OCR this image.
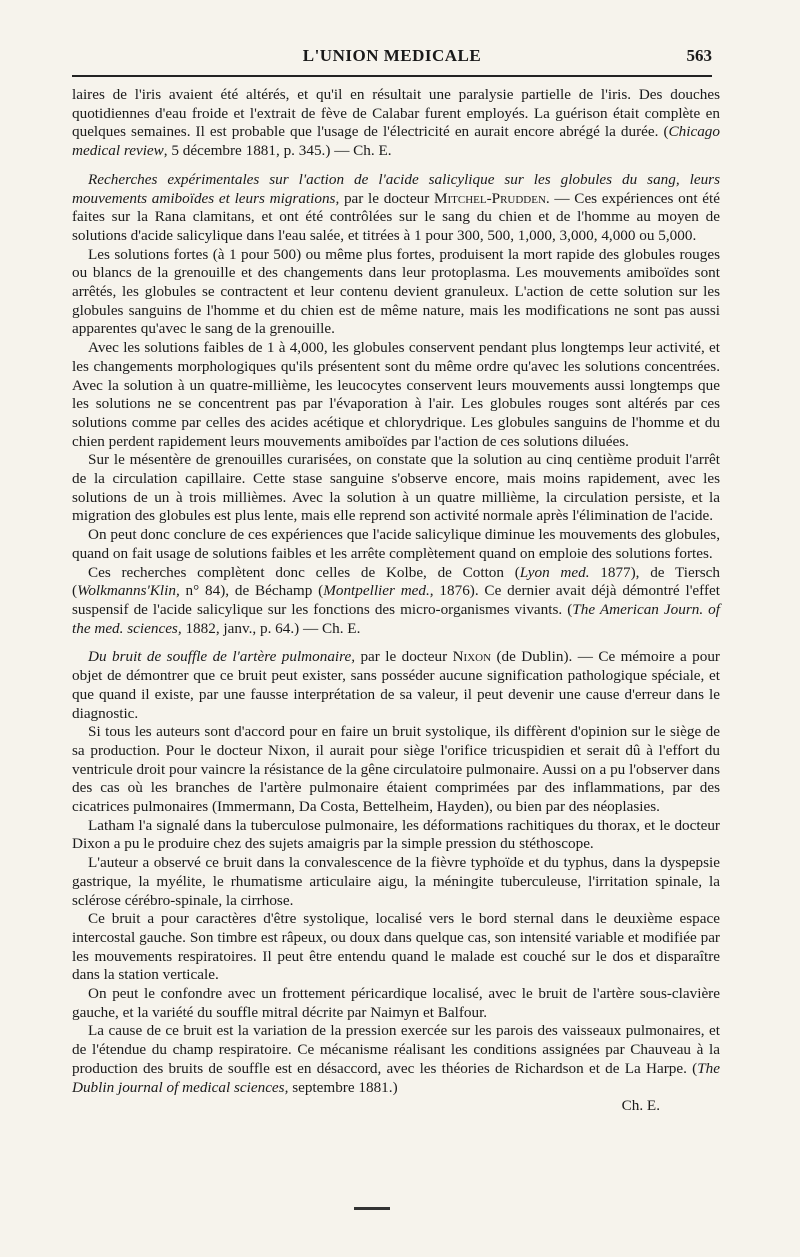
L'UNION MEDICALE	563

laires de l'iris avaient été altérés, et qu'il en résultait une paralysie partielle de l'iris. Des douches quotidiennes d'eau froide et l'extrait de fève de Calabar furent employés. La guérison était complète en quelques semaines. Il est probable que l'usage de l'électricité en aurait encore abrégé la durée. (Chicago medical review, 5 décembre 1881, p. 345.) — Ch. E.

Recherches expérimentales sur l'action de l'acide salicylique sur les globules du sang, leurs mouvements amiboïdes et leurs migrations, par le docteur Mitchel-Prudden. — Ces expériences ont été faites sur la Rana clamitans, et ont été contrôlées sur le sang du chien et de l'homme au moyen de solutions d'acide salicylique dans l'eau salée, et titrées à 1 pour 300, 500, 1,000, 3,000, 4,000 ou 5,000.

Les solutions fortes (à 1 pour 500) ou même plus fortes, produisent la mort rapide des globules rouges ou blancs de la grenouille et des changements dans leur protoplasma. Les mouvements amiboïdes sont arrêtés, les globules se contractent et leur contenu devient granuleux. L'action de cette solution sur les globules sanguins de l'homme et du chien est de même nature, mais les modifications ne sont pas aussi apparentes qu'avec le sang de la grenouille.

Avec les solutions faibles de 1 à 4,000, les globules conservent pendant plus longtemps leur activité, et les changements morphologiques qu'ils présentent sont du même ordre qu'avec les solutions concentrées. Avec la solution à un quatre-millième, les leucocytes conservent leurs mouvements aussi longtemps que les solutions ne se concentrent pas par l'évaporation à l'air. Les globules rouges sont altérés par ces solutions comme par celles des acides acétique et chlorydrique. Les globules sanguins de l'homme et du chien perdent rapidement leurs mouvements amiboïdes par l'action de ces solutions diluées.

Sur le mésentère de grenouilles curarisées, on constate que la solution au cinq centième produit l'arrêt de la circulation capillaire. Cette stase sanguine s'observe encore, mais moins rapidement, avec les solutions de un à trois millièmes. Avec la solution à un quatre millième, la circulation persiste, et la migration des globules est plus lente, mais elle reprend son activité normale après l'élimination de l'acide.

On peut donc conclure de ces expériences que l'acide salicylique diminue les mouvements des globules, quand on fait usage de solutions faibles et les arrête complètement quand on emploie des solutions fortes.

Ces recherches complètent donc celles de Kolbe, de Cotton (Lyon med. 1877), de Tiersch (Wolkmanns'Klin, n° 84), de Béchamp (Montpellier med., 1876). Ce dernier avait déjà démontré l'effet suspensif de l'acide salicylique sur les fonctions des micro-organismes vivants. (The American Journ. of the med. sciences, 1882, janv., p. 64.) — Ch. E.

Du bruit de souffle de l'artère pulmonaire, par le docteur Nixon (de Dublin). — Ce mémoire a pour objet de démontrer que ce bruit peut exister, sans posséder aucune signification pathologique spéciale, et que quand il existe, par une fausse interprétation de sa valeur, il peut devenir une cause d'erreur dans le diagnostic.

Si tous les auteurs sont d'accord pour en faire un bruit systolique, ils diffèrent d'opinion sur le siège de sa production. Pour le docteur Nixon, il aurait pour siège l'orifice tricuspidien et serait dû à l'effort du ventricule droit pour vaincre la résistance de la gêne circulatoire pulmonaire. Aussi on a pu l'observer dans des cas où les branches de l'artère pulmonaire étaient comprimées par des inflammations, par des cicatrices pulmonaires (Immermann, Da Costa, Bettelheim, Hayden), ou bien par des néoplasies.

Latham l'a signalé dans la tuberculose pulmonaire, les déformations rachitiques du thorax, et le docteur Dixon a pu le produire chez des sujets amaigris par la simple pression du stéthoscope.

L'auteur a observé ce bruit dans la convalescence de la fièvre typhoïde et du typhus, dans la dyspepsie gastrique, la myélite, le rhumatisme articulaire aigu, la méningite tuberculeuse, l'irritation spinale, la sclérose cérébro-spinale, la cirrhose.

Ce bruit a pour caractères d'être systolique, localisé vers le bord sternal dans le deuxième espace intercostal gauche. Son timbre est râpeux, ou doux dans quelque cas, son intensité variable et modifiée par les mouvements respiratoires. Il peut être entendu quand le malade est couché sur le dos et disparaître dans la station verticale.

On peut le confondre avec un frottement péricardique localisé, avec le bruit de l'artère sous-clavière gauche, et la variété du souffle mitral décrite par Naimyn et Balfour.

La cause de ce bruit est la variation de la pression exercée sur les parois des vaisseaux pulmonaires, et de l'étendue du champ respiratoire. Ce mécanisme réalisant les conditions assignées par Chauveau à la production des bruits de souffle est en désaccord, avec les théories de Richardson et de La Harpe. (The Dublin journal of medical sciences, septembre 1881.)

Ch. E.
